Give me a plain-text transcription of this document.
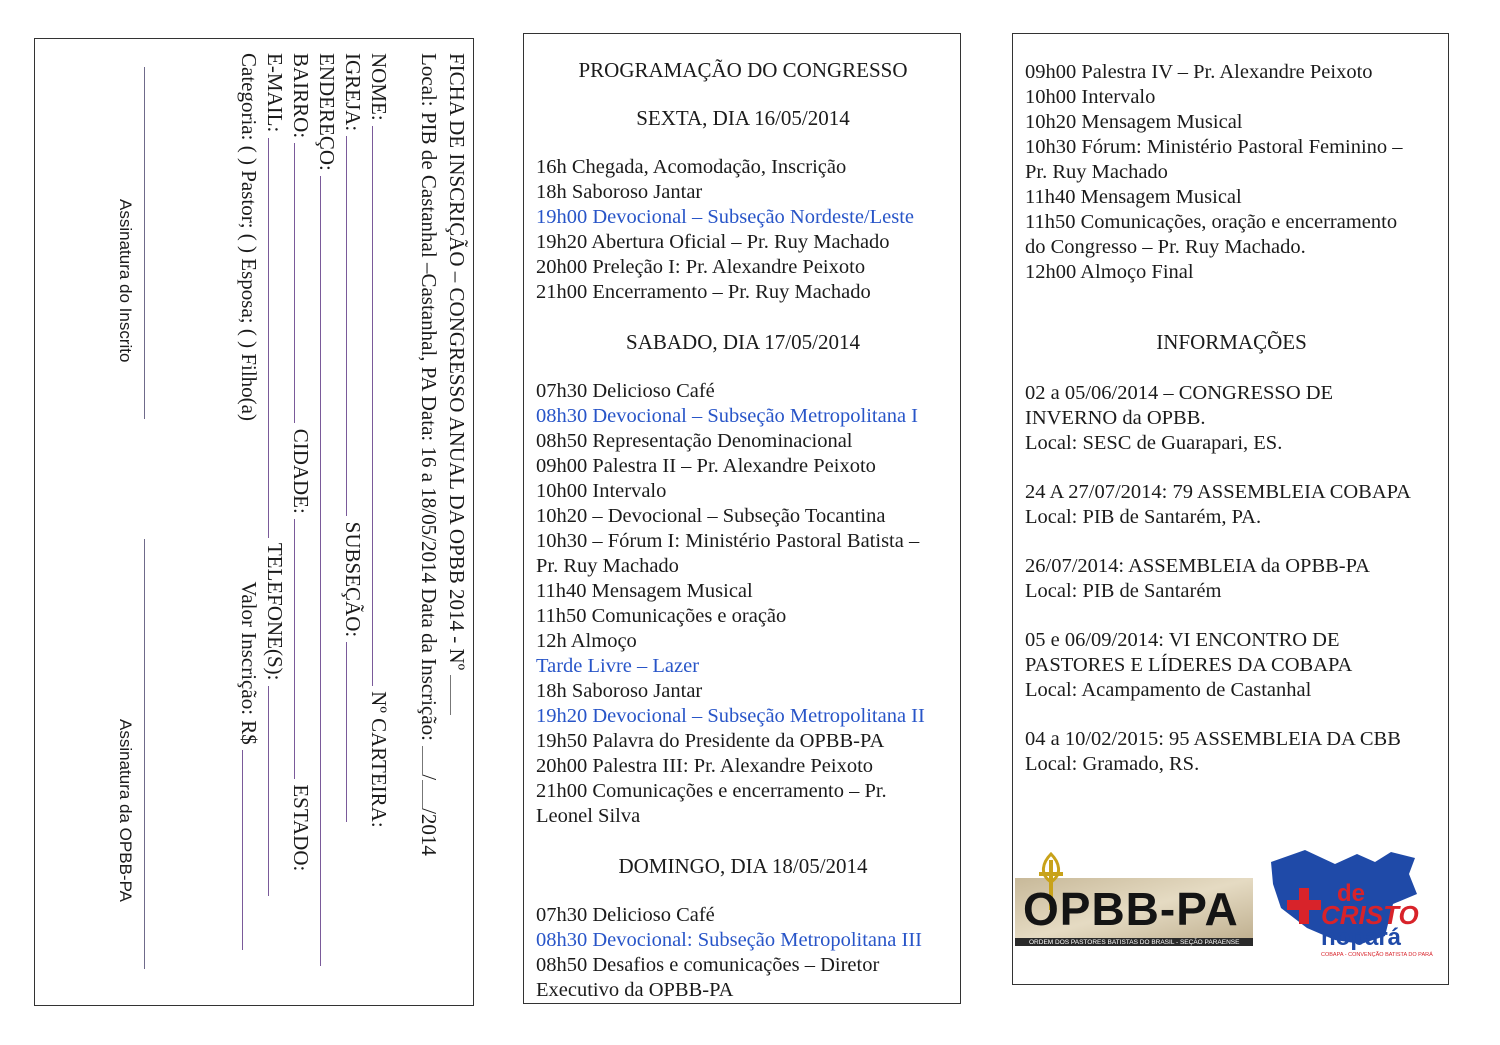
FICHA DE INSCRIÇÃO – CONGRESSO ANUAL DA OPBB 2014 - Nº
Local: PIB de Castanhal –Castanhal, PA Data: 16 a 18/05/2014 Data da Inscrição: //2014
NOME:  Nº CARTEIRA:
IGREJA:  SUBSEÇÃO:
ENDEREÇO:
BAIRRO:  CIDADE:  ESTADO:
E-MAIL:  TELEFONE(S):
Categoria: ( ) Pastor; ( ) Esposa; ( ) Filho(a)  Valor Inscrição: R$
Assinatura do Inscrito
Assinatura da OPBB-PA
PROGRAMAÇÃO DO CONGRESSO
SEXTA, DIA 16/05/2014
16h Chegada, Acomodação, Inscrição
18h Saboroso Jantar
19h00 Devocional – Subseção Nordeste/Leste
19h20 Abertura Oficial – Pr. Ruy Machado
20h00 Preleção I: Pr. Alexandre Peixoto
21h00 Encerramento – Pr. Ruy Machado
SABADO, DIA 17/05/2014
07h30 Delicioso Café
08h30 Devocional – Subseção Metropolitana I
08h50 Representação Denominacional
09h00 Palestra II – Pr. Alexandre Peixoto
10h00 Intervalo
10h20 – Devocional – Subseção Tocantina
10h30 – Fórum I: Ministério Pastoral Batista –
Pr. Ruy Machado
11h40 Mensagem Musical
11h50 Comunicações e oração
12h Almoço
Tarde Livre – Lazer
18h Saboroso Jantar
19h20 Devocional – Subseção Metropolitana II
19h50 Palavra do Presidente da OPBB-PA
20h00 Palestra III: Pr. Alexandre Peixoto
21h00 Comunicações e encerramento – Pr.
Leonel Silva
DOMINGO, DIA 18/05/2014
07h30 Delicioso Café
08h30 Devocional: Subseção Metropolitana III
08h50 Desafios e comunicações – Diretor
Executivo da OPBB-PA
09h00 Palestra IV – Pr. Alexandre Peixoto
10h00 Intervalo
10h20 Mensagem Musical
10h30 Fórum: Ministério Pastoral Feminino –
Pr. Ruy Machado
11h40 Mensagem Musical
11h50 Comunicações, oração e encerramento
do Congresso – Pr. Ruy Machado.
12h00 Almoço Final
INFORMAÇÕES
02 a 05/06/2014 – CONGRESSO DE
INVERNO da OPBB.
Local: SESC de Guarapari, ES.
24 A 27/07/2014: 79 ASSEMBLEIA COBAPA
Local: PIB de Santarém, PA.
26/07/2014: ASSEMBLEIA da OPBB-PA
Local: PIB de Santarém
05 e 06/09/2014: VI ENCONTRO DE
PASTORES E LÍDERES DA COBAPA
Local: Acampamento de Castanhal
04 a 10/02/2015: 95 ASSEMBLEIA DA CBB
Local: Gramado, RS.
OPBB-PA
ORDEM DOS PASTORES BATISTAS DO BRASIL - SEÇÃO PARAENSE
de
CRISTO
nopará
COBAPA - CONVENÇÃO BATISTA DO PARÁ
